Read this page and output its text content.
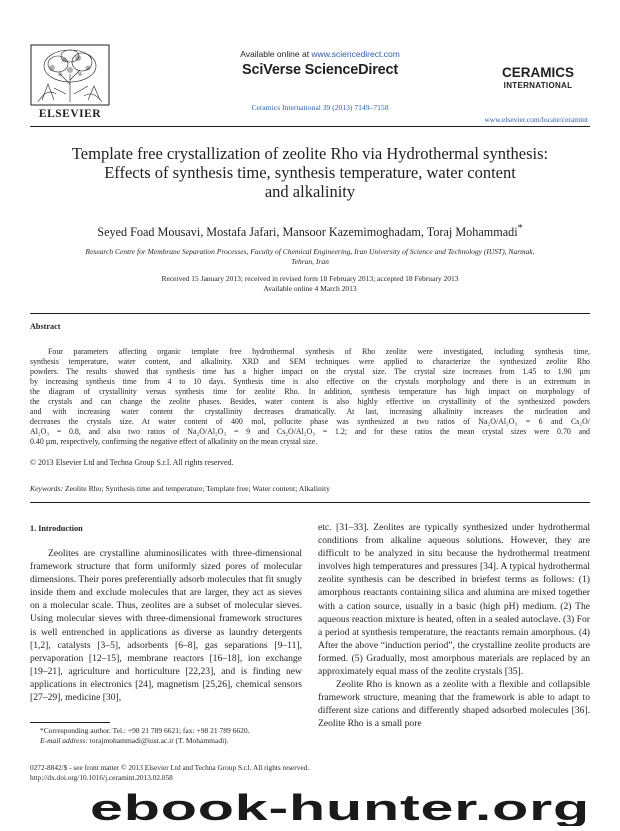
ELSEVIER
Available online at www.sciencedirect.com
SciVerse ScienceDirect
Ceramics International 39 (2013) 7149–7158
CERAMICS
INTERNATIONAL
www.elsevier.com/locate/ceramint
Template free crystallization of zeolite Rho via Hydrothermal synthesis:
Effects of synthesis time, synthesis temperature, water content
and alkalinity
Seyed Foad Mousavi, Mostafa Jafari, Mansoor Kazemimoghadam, Toraj Mohammadi*
Research Centre for Membrane Separation Processes, Faculty of Chemical Engineering, Iran University of Science and Technology (IUST), Narmak,
Tehran, Iran
Received 15 January 2013; received in revised form 18 February 2013; accepted 18 February 2013
Available online 4 March 2013
Abstract
Four parameters affecting organic template free hydrothermal synthesis of Rho zeolite were investigated, including synthesis time,
synthesis temperature, water content, and alkalinity. XRD and SEM techniques were applied to characterize the synthesized zeolite Rho
powders. The results showed that synthesis time has a higher impact on the crystal size. The crystal size increases from 1.45 to 1.90 µm
by increasing synthesis time from 4 to 10 days. Synthesis time is also effective on the crystals morphology and there is an extremum in
the diagram of crystallinity versus synthesis time for zeolite Rho. In addition, synthesis temperature has high impact on morphology of
the crystals and can change the zeolite phases. Besides, water content is also highly effective on crystallinity of the synthesized powders
and with increasing water content the crystallinity decreases dramatically. At last, increasing alkalinity increases the nucleation and
decreases the crystals size. At water content of 400 mol, pollucite phase was synthesized at two ratios of Na₂O/Al₂O₃ = 6 and Cs₂O/
Al₂O₃ = 0.8, and also two ratios of Na₂O/Al₂O₃ = 9 and Cs₂O/Al₂O₃ = 1.2; and for these ratios the mean crystal sizes were 0.70 and
0.40 µm, respectively, confirming the negative effect of alkalinity on the mean crystal size.
© 2013 Elsevier Ltd and Techna Group S.r.l. All rights reserved.
Keywords: Zeolite Rho; Synthesis time and temperature; Template free; Water content; Alkalinity
1. Introduction

Zeolites are crystalline aluminosilicates with three-dimensional framework structure that form uniformly sized pores of molecular dimensions. Their pores preferentially adsorb molecules that fit snugly inside them and exclude molecules that are larger, they act as sieves on a molecular scale. Thus, zeolites are a subset of molecular sieves. Using molecular sieves with three-dimensional framework structures is well entrenched in applications as diverse as laundry detergents [1,2], catalysts [3–5], adsorbents [6–8], gas separations [9–11], pervaporation [12–15], membrane reactors [16–18], ion exchange [19–21], agriculture and horticulture [22,23], and is finding new applications in electronics [24], magnetism [25,26], chemical sensors [27–29], medicine [30],

etc. [31–33]. Zeolites are typically synthesized under hydrothermal conditions from alkaline aqueous solutions. However, they are difficult to be analyzed in situ because the hydrothermal treatment involves high temperatures and pressures [34]. A typical hydrothermal zeolite synthesis can be described in briefest terms as follows: (1) amorphous reactants containing silica and alumina are mixed together with a cation source, usually in a basic (high pH) medium. (2) The aqueous reaction mixture is heated, often in a sealed autoclave. (3) For a period at synthesis temperature, the reactants remain amorphous. (4) After the above “induction period”, the crystalline zeolite products are formed. (5) Gradually, most amorphous materials are replaced by an approximately equal mass of the zeolite crystals [35].

Zeolite Rho is known as a zeolite with a flexible and collapsible framework structure, meaning that the framework is able to adapt to different size cations and differently shaped adsorbed molecules [36]. Zeolite Rho is a small pore

*Corresponding author. Tel.: +98 21 789 6621; fax: +98 21 789 6620.
E-mail address: torajmohammadi@iust.ac.ir (T. Mohammadi).
0272-8842/$ - see front matter © 2013 Elsevier Ltd and Techna Group S.r.l. All rights reserved.
http://dx.doi.org/10.1016/j.ceramint.2013.02.058
ebook-hunter.org
